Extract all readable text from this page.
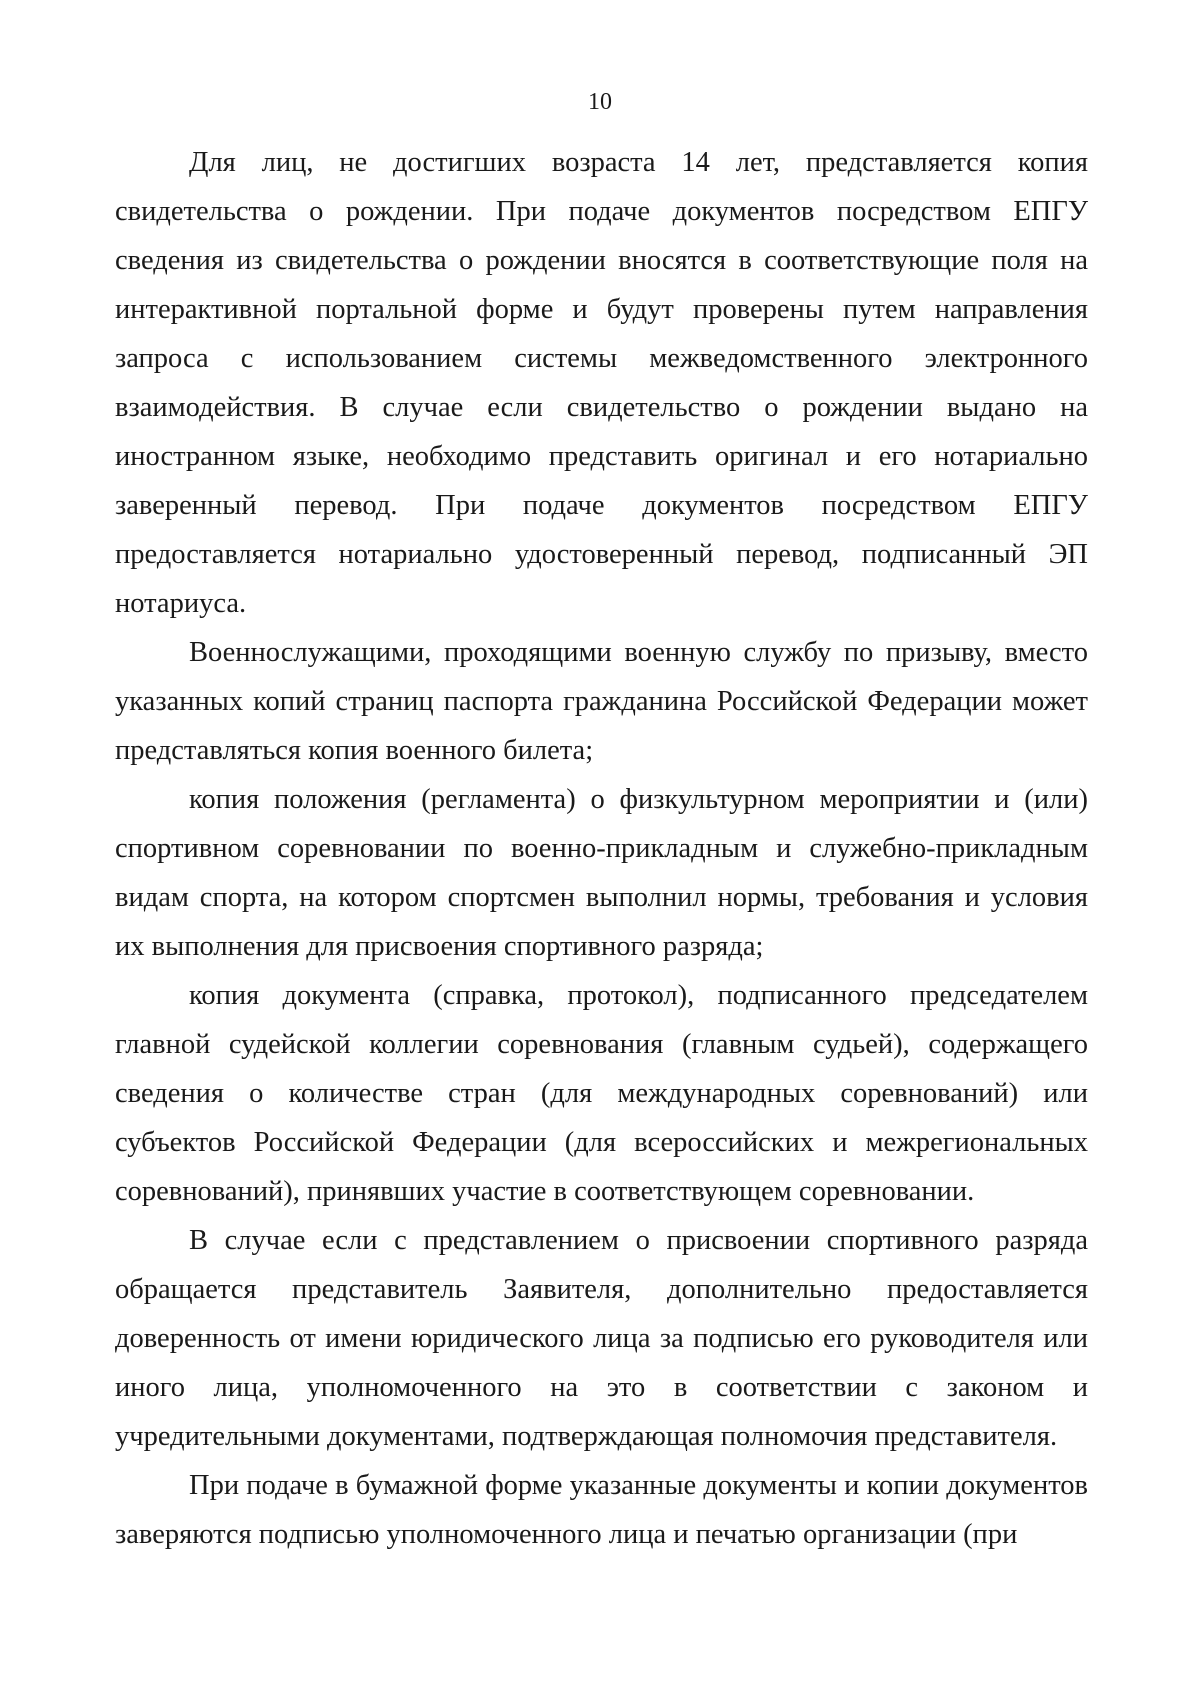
10

Для лиц, не достигших возраста 14 лет, представляется копия свидетельства о рождении. При подаче документов посредством ЕПГУ сведения из свидетельства о рождении вносятся в соответствующие поля на интерактивной портальной форме и будут проверены путем направления запроса с использованием системы межведомственного электронного взаимодействия. В случае если свидетельство о рождении выдано на иностранном языке, необходимо представить оригинал и его нотариально заверенный перевод. При подаче документов посредством ЕПГУ предоставляется нотариально удостоверенный перевод, подписанный ЭП нотариуса.

Военнослужащими, проходящими военную службу по призыву, вместо указанных копий страниц паспорта гражданина Российской Федерации может представляться копия военного билета;

копия положения (регламента) о физкультурном мероприятии и (или) спортивном соревновании по военно-прикладным и служебно-прикладным видам спорта, на котором спортсмен выполнил нормы, требования и условия их выполнения для присвоения спортивного разряда;

копия документа (справка, протокол), подписанного председателем главной судейской коллегии соревнования (главным судьей), содержащего сведения о количестве стран (для международных соревнований) или субъектов Российской Федерации (для всероссийских и межрегиональных соревнований), принявших участие в соответствующем соревновании.

В случае если с представлением о присвоении спортивного разряда обращается представитель Заявителя, дополнительно предоставляется доверенность от имени юридического лица за подписью его руководителя или иного лица, уполномоченного на это в соответствии с законом и учредительными документами, подтверждающая полномочия представителя.

При подаче в бумажной форме указанные документы и копии документов заверяются подписью уполномоченного лица и печатью организации (при
